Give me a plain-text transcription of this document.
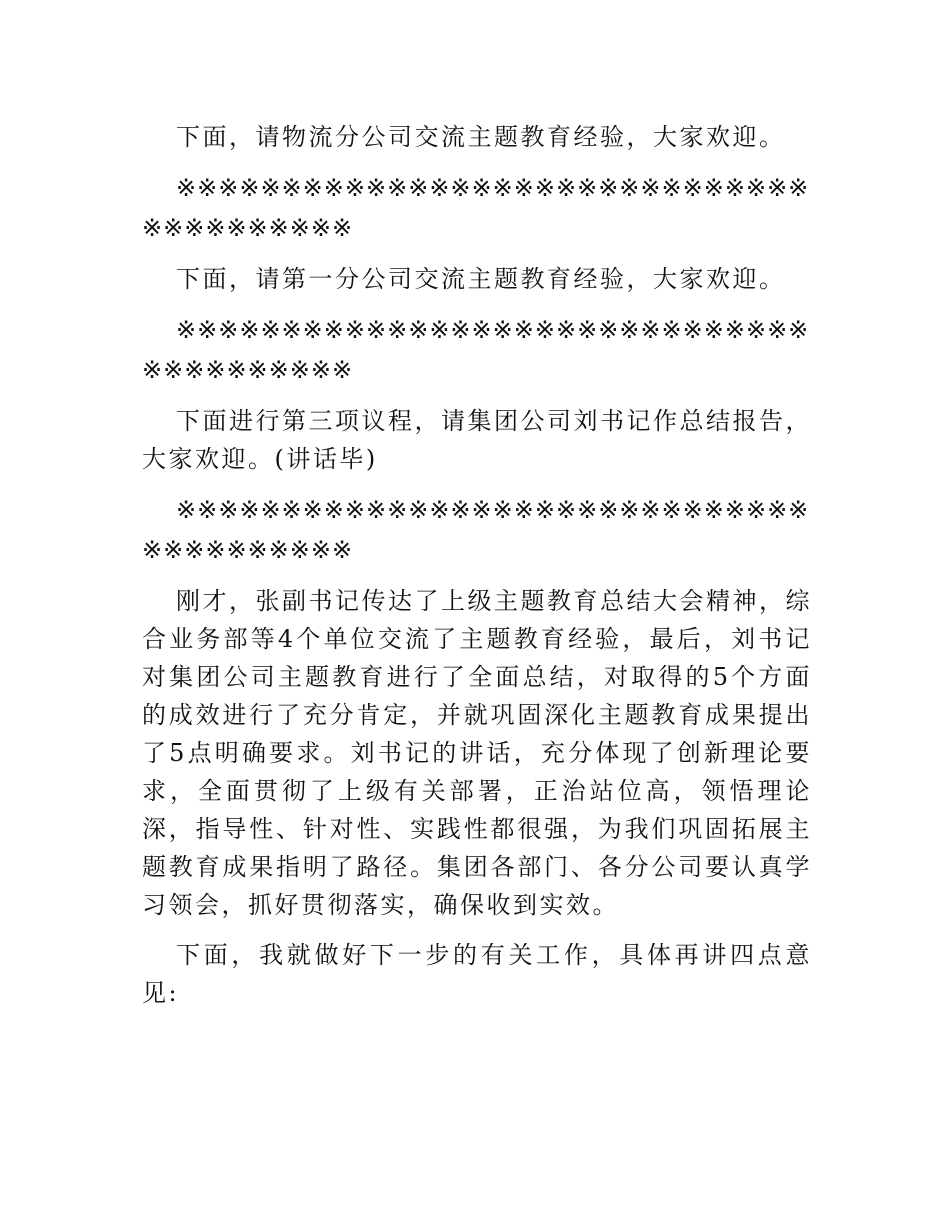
下面，请物流分公司交流主题教育经验，大家欢迎。

※※※※※※※※※※※※※※※※※※※※※※※※※※※※※※※※※※※※※※※※

下面，请第一分公司交流主题教育经验，大家欢迎。

※※※※※※※※※※※※※※※※※※※※※※※※※※※※※※※※※※※※※※※※

下面进行第三项议程，请集团公司刘书记作总结报告，大家欢迎。(讲话毕)

※※※※※※※※※※※※※※※※※※※※※※※※※※※※※※※※※※※※※※※※

刚才，张副书记传达了上级主题教育总结大会精神，综合业务部等4个单位交流了主题教育经验，最后，刘书记对集团公司主题教育进行了全面总结，对取得的5个方面的成效进行了充分肯定，并就巩固深化主题教育成果提出了5点明确要求。刘书记的讲话，充分体现了创新理论要求，全面贯彻了上级有关部署，正治站位高，领悟理论深，指导性、针对性、实践性都很强，为我们巩固拓展主题教育成果指明了路径。集团各部门、各分公司要认真学习领会，抓好贯彻落实，确保收到实效。

下面，我就做好下一步的有关工作，具体再讲四点意见:
